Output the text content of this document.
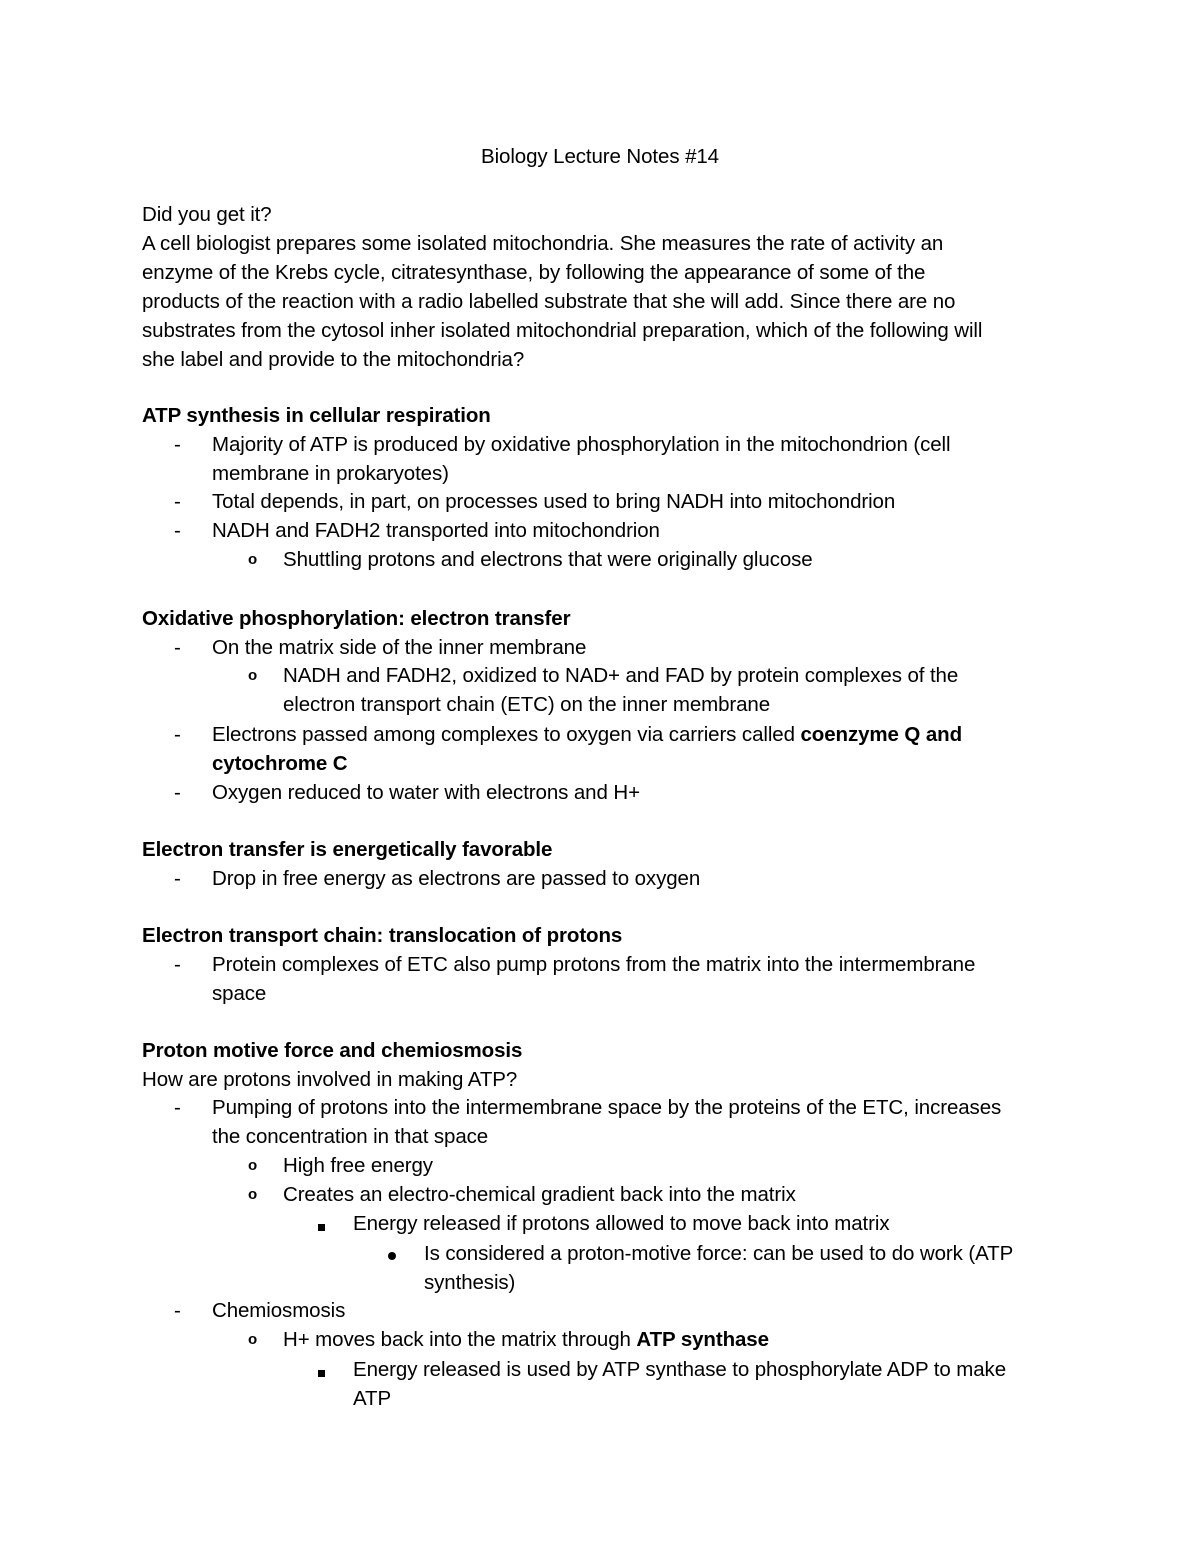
Biology Lecture Notes #14
Did you get it?
A cell biologist prepares some isolated mitochondria. She measures the rate of activity an
enzyme of the Krebs cycle, citratesynthase, by following the appearance of some of the
products of the reaction with a radio labelled substrate that she will add. Since there are no
substrates from the cytosol inher isolated mitochondrial preparation, which of the following will
she label and provide to the mitochondria?
ATP synthesis in cellular respiration
- Majority of ATP is produced by oxidative phosphorylation in the mitochondrion (cell
membrane in prokaryotes)
- Total depends, in part, on processes used to bring NADH into mitochondrion
- NADH and FADH2 transported into mitochondrion
o Shuttling protons and electrons that were originally glucose
Oxidative phosphorylation: electron transfer
- On the matrix side of the inner membrane
o NADH and FADH2, oxidized to NAD+ and FAD by protein complexes of the
electron transport chain (ETC) on the inner membrane
- Electrons passed among complexes to oxygen via carriers called coenzyme Q and
cytochrome C
- Oxygen reduced to water with electrons and H+
Electron transfer is energetically favorable
- Drop in free energy as electrons are passed to oxygen
Electron transport chain: translocation of protons
- Protein complexes of ETC also pump protons from the matrix into the intermembrane
space
Proton motive force and chemiosmosis
How are protons involved in making ATP?
- Pumping of protons into the intermembrane space by the proteins of the ETC, increases
the concentration in that space
o High free energy
o Creates an electro-chemical gradient back into the matrix
Energy released if protons allowed to move back into matrix
Is considered a proton-motive force: can be used to do work (ATP
synthesis)
- Chemiosmosis
o H+ moves back into the matrix through ATP synthase
Energy released is used by ATP synthase to phosphorylate ADP to make
ATP
